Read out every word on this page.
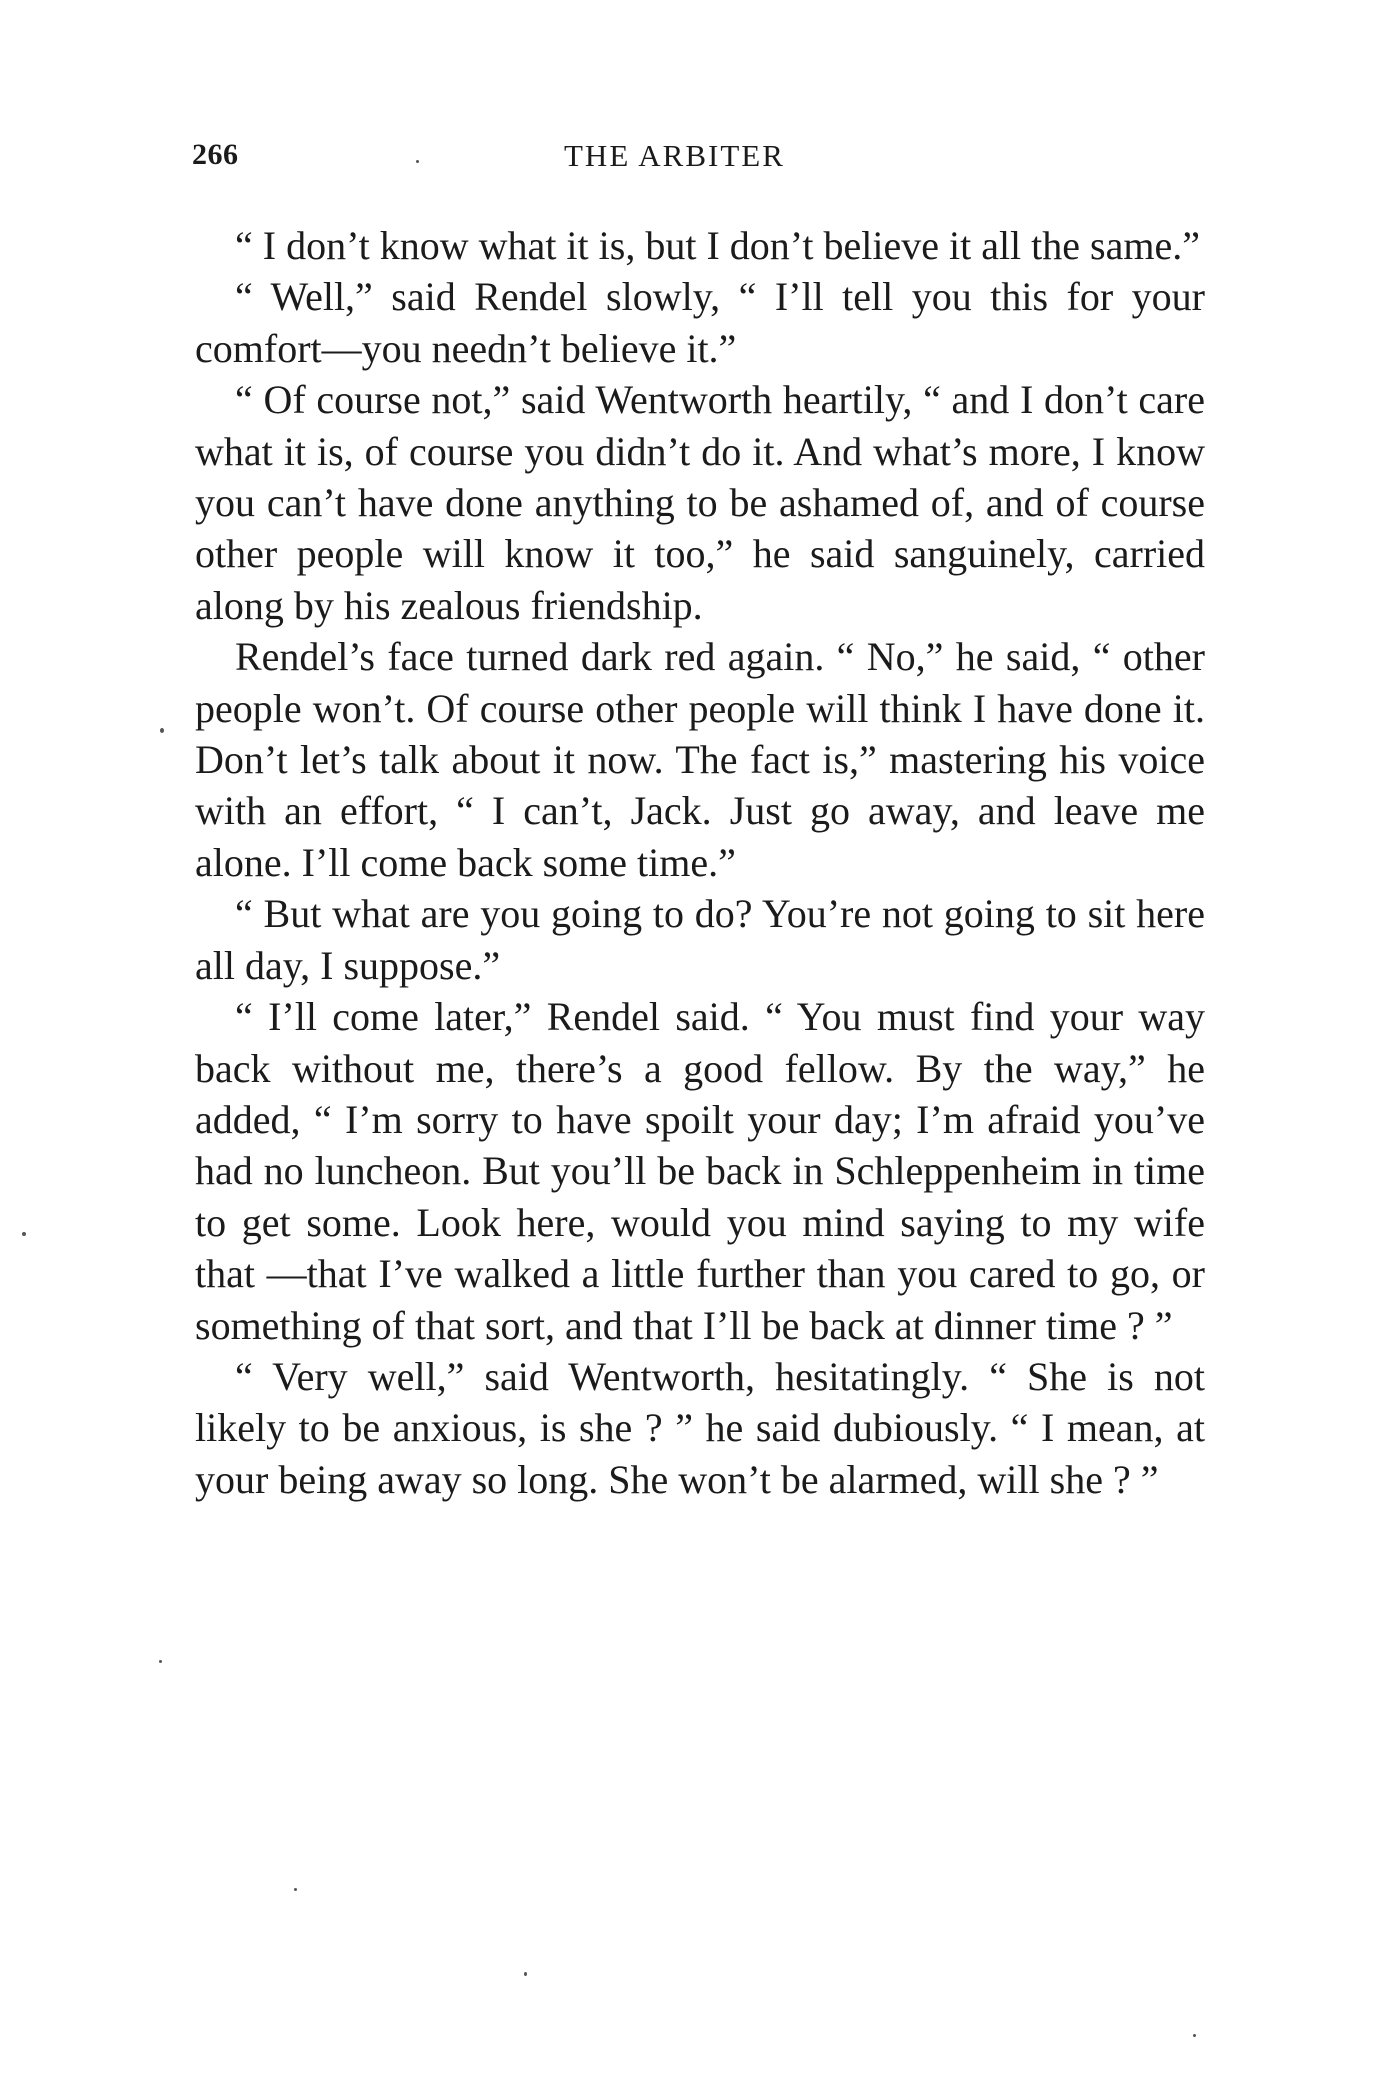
266	THE ARBITER

“ I don’t know what it is, but I don’t believe it all the same.”

“ Well,” said Rendel slowly, “ I’ll tell you this for your comfort—you needn’t believe it.”

“ Of course not,” said Wentworth heartily, “ and I don’t care what it is, of course you didn’t do it. And what’s more, I know you can’t have done anything to be ashamed of, and of course other people will know it too,” he said sanguinely, carried along by his zealous friendship.

Rendel’s face turned dark red again. “ No,” he said, “ other people won’t. Of course other people will think I have done it. Don’t let’s talk about it now. The fact is,” mastering his voice with an effort, “ I can’t, Jack. Just go away, and leave me alone. I’ll come back some time.”

“ But what are you going to do? You’re not going to sit here all day, I suppose.”

“ I’ll come later,” Rendel said. “ You must find your way back without me, there’s a good fellow. By the way,” he added, “ I’m sorry to have spoilt your day; I’m afraid you’ve had no luncheon. But you’ll be back in Schleppenheim in time to get some. Look here, would you mind saying to my wife that —that I’ve walked a little further than you cared to go, or something of that sort, and that I’ll be back at dinner time ? ”

“ Very well,” said Wentworth, hesitatingly. “ She is not likely to be anxious, is she ? ” he said dubiously. “ I mean, at your being away so long. She won’t be alarmed, will she ? ”
